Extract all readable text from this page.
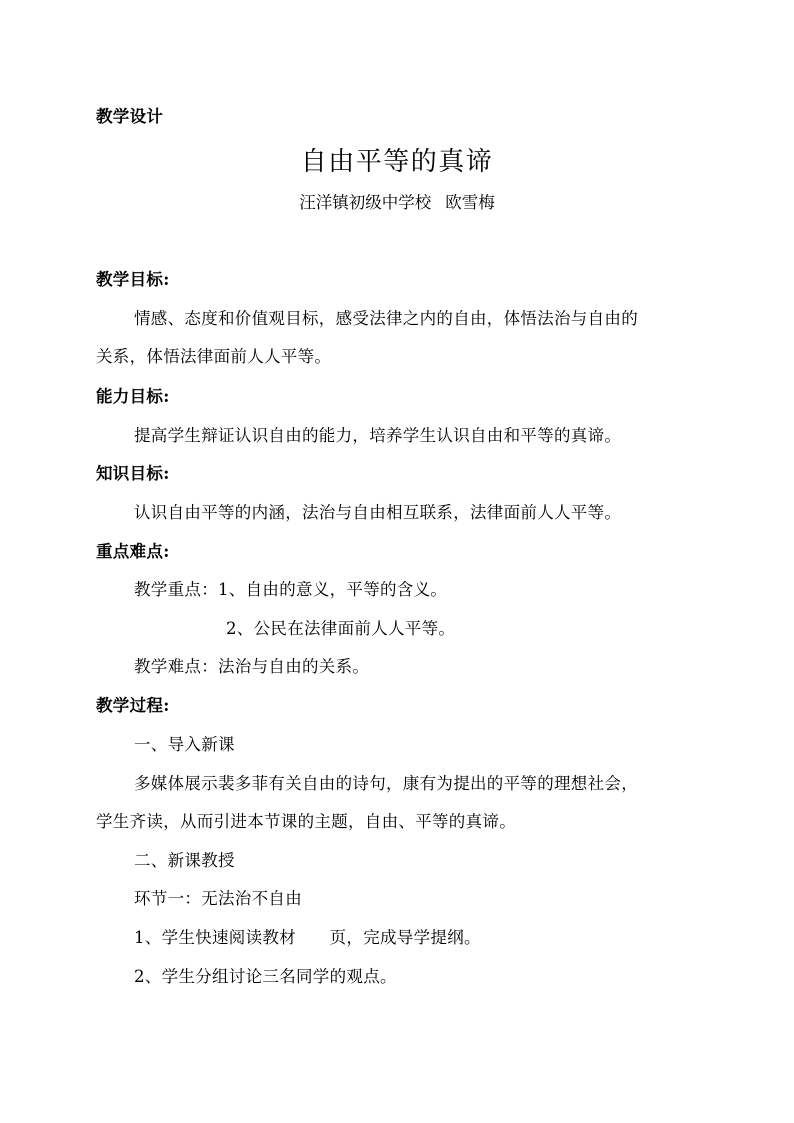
教学设计
自由平等的真谛
汪洋镇初级中学校 欧雪梅
教学目标:
情感、态度和价值观目标，感受法律之内的自由，体悟法治与自由的
关系，体悟法律面前人人平等。
能力目标:
提高学生辩证认识自由的能力，培养学生认识自由和平等的真谛。
知识目标:
认识自由平等的内涵，法治与自由相互联系，法律面前人人平等。
重点难点:
教学重点：1、自由的意义，平等的含义。
2、公民在法律面前人人平等。
教学难点：法治与自由的关系。
教学过程:
一、导入新课
多媒体展示裴多菲有关自由的诗句，康有为提出的平等的理想社会，
学生齐读，从而引进本节课的主题，自由、平等的真谛。
二、新课教授
环节一：无法治不自由
1、学生快速阅读教材　　页，完成导学提纲。
2、学生分组讨论三名同学的观点。
